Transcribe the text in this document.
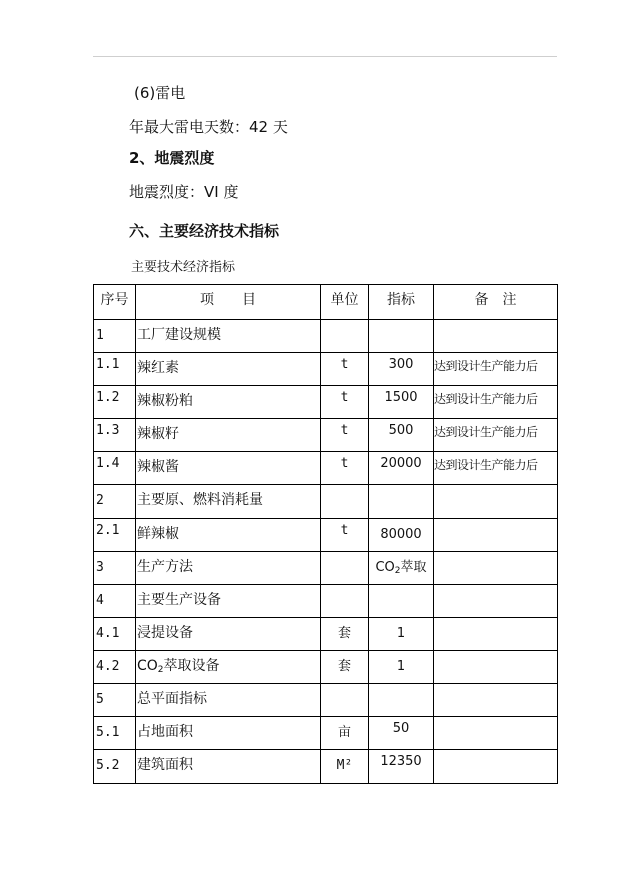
(6)雷电
年最大雷电天数：42 天
2、地震烈度
地震烈度：VI 度
六、主要经济技术指标
主要技术经济指标
序号	项　　目	单位	指标	备　注
1	工厂建设规模			
1.1	辣红素	t	300	达到设计生产能力后
1.2	辣椒粉粕	t	1500	达到设计生产能力后
1.3	辣椒籽	t	500	达到设计生产能力后
1.4	辣椒酱	t	20000	达到设计生产能力后
2	主要原、燃料消耗量			
2.1	鲜辣椒	t	80000	
3	生产方法		$CO_2$萃取	
4	主要生产设备			
4.1	浸提设备	套	1	
4.2	$CO_2$萃取设备	套	1	
5	总平面指标			
5.1	占地面积	亩	50	
5.2	建筑面积	M²	12350	
